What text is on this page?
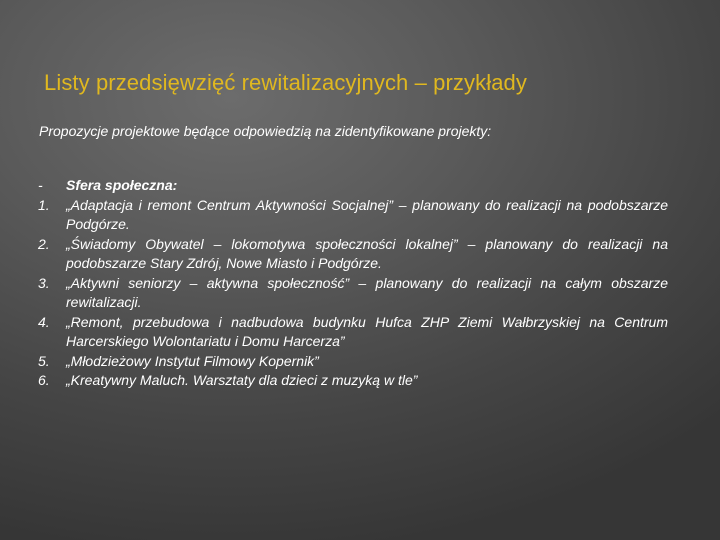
Listy przedsięwzięć rewitalizacyjnych – przykłady

Propozycje projektowe będące odpowiedzią na zidentyfikowane projekty:

-	Sfera społeczna:
1.	„Adaptacja i remont Centrum Aktywności Socjalnej” – planowany do realizacji na podobszarze Podgórze.
2.	„Świadomy Obywatel – lokomotywa społeczności lokalnej” – planowany do realizacji na podobszarze Stary Zdrój, Nowe Miasto i Podgórze.
3.	„Aktywni seniorzy – aktywna społeczność” – planowany do realizacji na całym obszarze rewitalizacji.
4.	„Remont, przebudowa i nadbudowa budynku Hufca ZHP Ziemi Wałbrzyskiej na Centrum Harcerskiego Wolontariatu i Domu Harcerza”
5.	„Młodzieżowy Instytut Filmowy Kopernik”
6.	„Kreatywny Maluch. Warsztaty dla dzieci z muzyką w tle”
